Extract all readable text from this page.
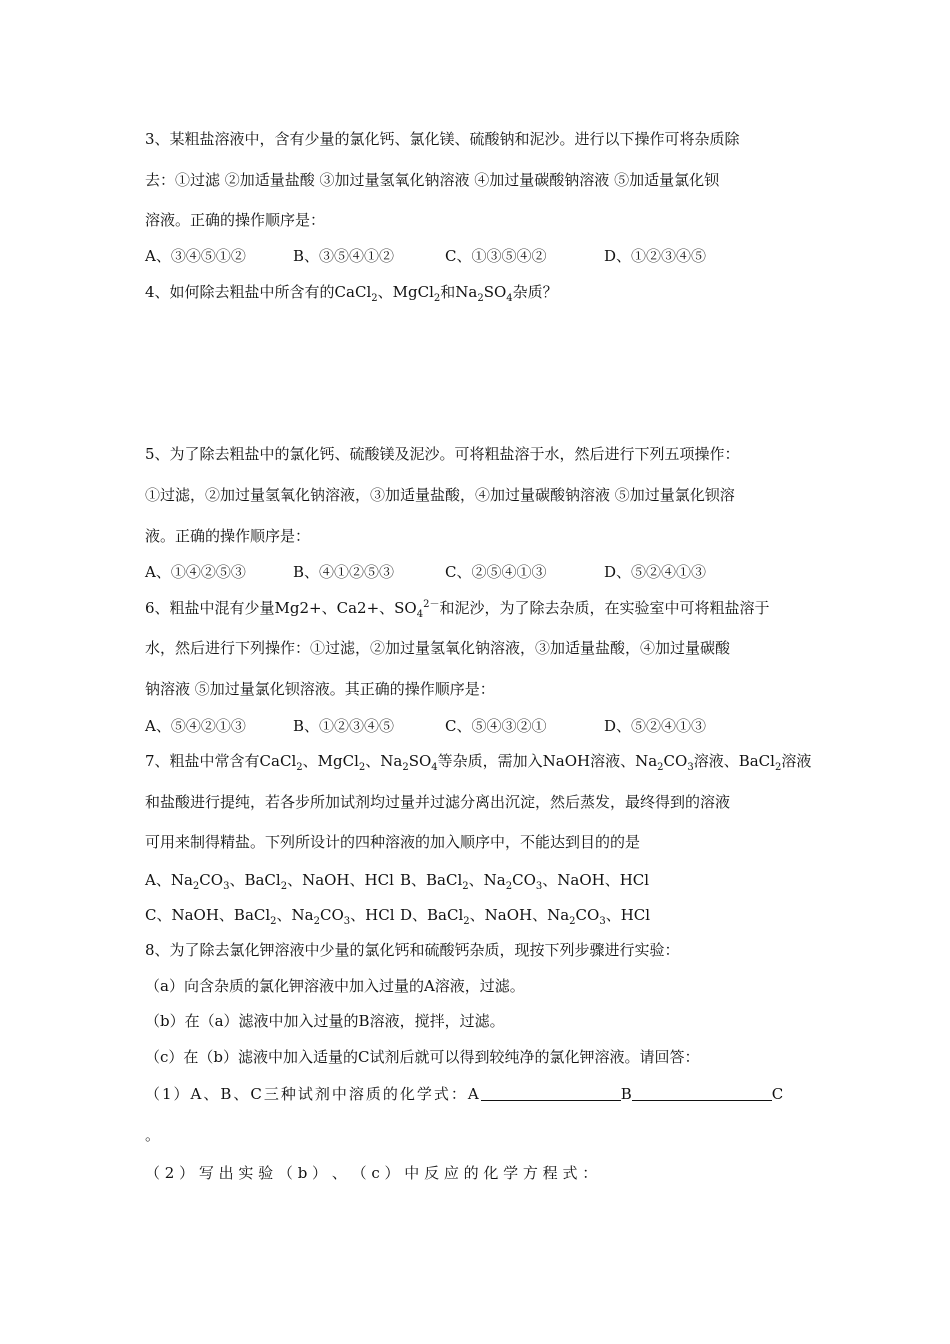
3、某粗盐溶液中，含有少量的氯化钙、氯化镁、硫酸钠和泥沙。进行以下操作可将杂质除
去：①过滤 ②加适量盐酸 ③加过量氢氧化钠溶液 ④加过量碳酸钠溶液 ⑤加适量氯化钡
溶液。正确的操作顺序是：
A、③④⑤①②	B、③⑤④①②	C、①③⑤④②	D、①②③④⑤
4、如何除去粗盐中所含有的CaCl$_2$、MgCl$_2$和$Na_2SO_4$杂质？
5、为了除去粗盐中的氯化钙、硫酸镁及泥沙。可将粗盐溶于水，然后进行下列五项操作：
①过滤，②加过量氢氧化钠溶液，③加适量盐酸，④加过量碳酸钠溶液 ⑤加过量氯化钡溶
液。正确的操作顺序是：
A、①④②⑤③	B、④①②⑤③	C、②⑤④①③	D、⑤②④①③
6、粗盐中混有少量Mg2+、Ca2+、$SO_4^{2-}$和泥沙，为了除去杂质，在实验室中可将粗盐溶于
水，然后进行下列操作：①过滤，②加过量氢氧化钠溶液，③加适量盐酸，④加过量碳酸
钠溶液 ⑤加过量氯化钡溶液。其正确的操作顺序是：
A、⑤④②①③	B、①②③④⑤	C、⑤④③②①	D、⑤②④①③
7、粗盐中常含有CaCl$_2$、MgCl$_2$、$Na_2SO_4$等杂质，需加入NaOH溶液、$Na_2CO_3$溶液、BaCl$_2$溶液
和盐酸进行提纯，若各步所加试剂均过量并过滤分离出沉淀，然后蒸发，最终得到的溶液
可用来制得精盐。下列所设计的四种溶液的加入顺序中，不能达到目的的是
A、$Na_2CO_3$、BaCl$_2$、NaOH、HCl B、BaCl$_2$、$Na_2CO_3$、NaOH、HCl
C、NaOH、BaCl$_2$、$Na_2CO_3$、HCl D、BaCl$_2$、NaOH、$Na_2CO_3$、HCl
8、为了除去氯化钾溶液中少量的氯化钙和硫酸钙杂质，现按下列步骤进行实验：
（a）向含杂质的氯化钾溶液中加入过量的A溶液，过滤。
（b）在（a）滤液中加入过量的B溶液，搅拌，过滤。
（c）在（b）滤液中加入适量的C试剂后就可以得到较纯净的氯化钾溶液。请回答：
（1）A、B、C三种试剂中溶质的化学式：A	B	C
。
（ 2 ） 写 出 实 验 （ b ） 、 （ c ） 中 反 应 的 化 学 方 程 式 ：
